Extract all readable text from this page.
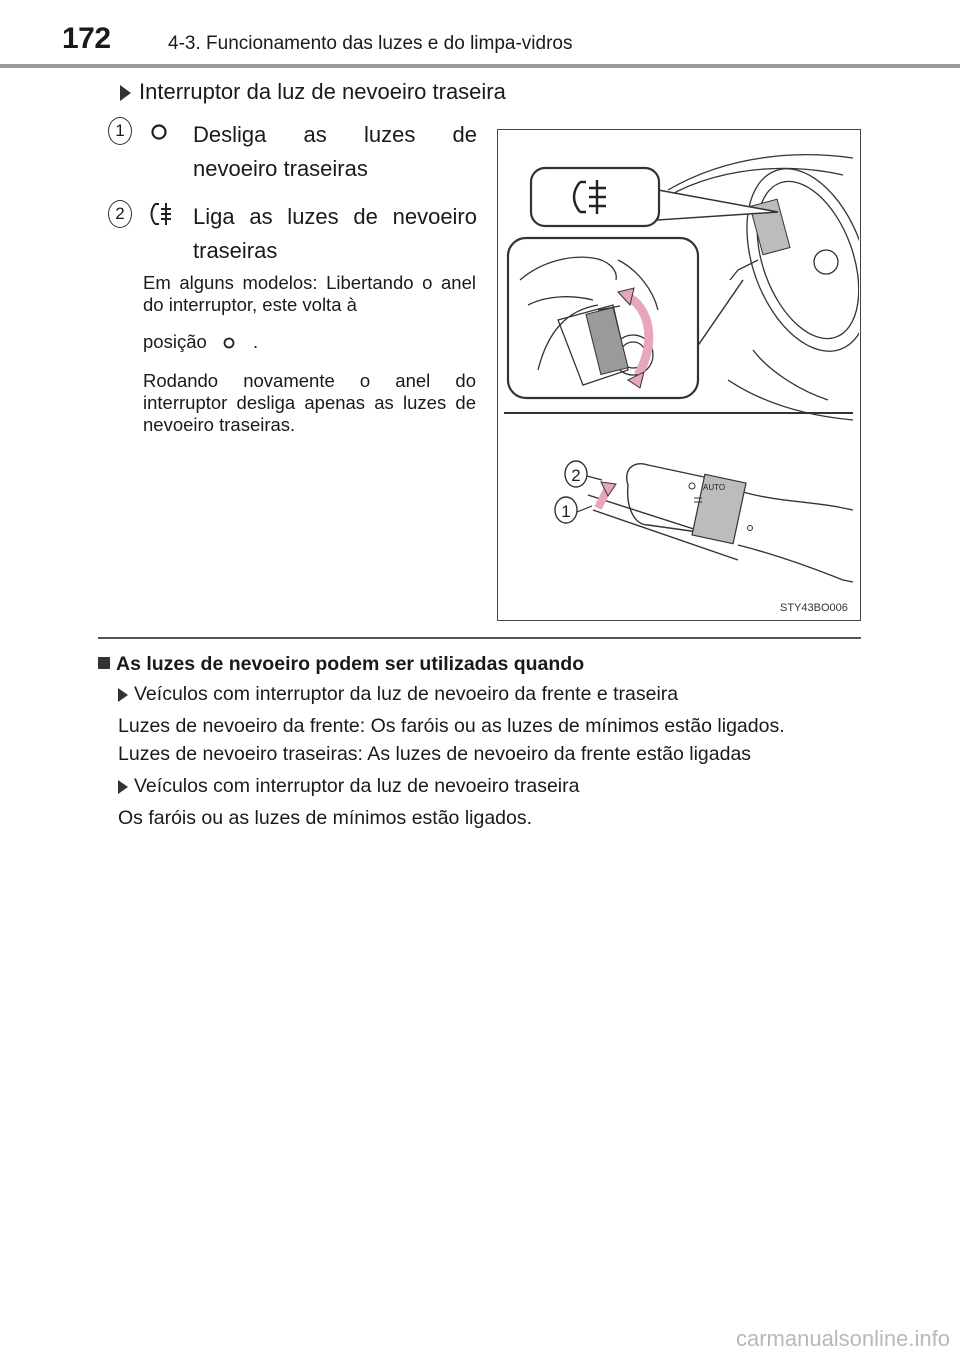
172	4-3. Funcionamento das luzes e do limpa-vidros
Interruptor da luz de nevoeiro traseira
1	Desliga as luzes de
nevoeiro traseiras
2	Liga as luzes de nevoeiro
traseiras
Em alguns modelos: Libertando o anel do interruptor, este volta à
posição	.
Rodando novamente o anel do interruptor desliga apenas as luzes de nevoeiro traseiras.
AUTO
2
1
STY43BO006
As luzes de nevoeiro podem ser utilizadas quando
Veículos com interruptor da luz de nevoeiro da frente e traseira
Luzes de nevoeiro da frente: Os faróis ou as luzes de mínimos estão ligados.
Luzes de nevoeiro traseiras: As luzes de nevoeiro da frente estão ligadas
Veículos com interruptor da luz de nevoeiro traseira
Os faróis ou as luzes de mínimos estão ligados.
carmanualsonline.info
